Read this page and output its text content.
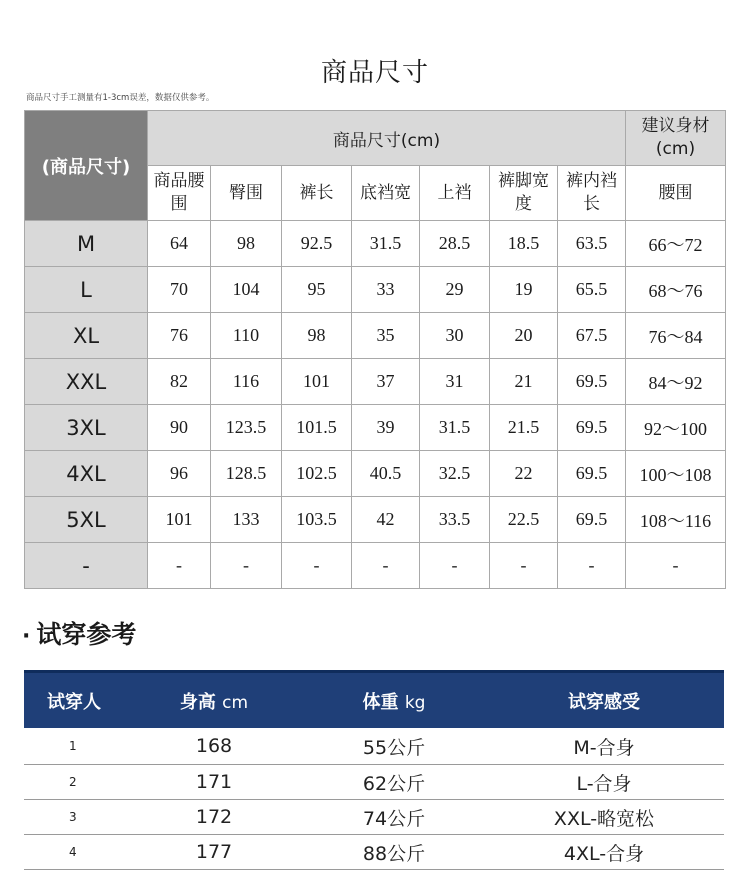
商品尺寸
商品尺寸手工测量有1-3cm误差，数据仅供参考。
(商品尺寸)	商品尺寸(cm)							建议身材(cm)
	商品腰围	臀围	裤长	底裆宽	上裆	裤脚宽度	裤内裆长	腰围
M	64	98	92.5	31.5	28.5	18.5	63.5	66～72
L	70	104	95	33	29	19	65.5	68～76
XL	76	110	98	35	30	20	67.5	76～84
XXL	82	116	101	37	31	21	69.5	84～92
3XL	90	123.5	101.5	39	31.5	21.5	69.5	92～100
4XL	96	128.5	102.5	40.5	32.5	22	69.5	100～108
5XL	101	133	103.5	42	33.5	22.5	69.5	108～116
-	-	-	-	-	-	-	-	-
· 试穿参考
试穿人	身高 cm	体重 kg	试穿感受
1	168	55公斤	M-合身
2	171	62公斤	L-合身
3	172	74公斤	XXL-略宽松
4	177	88公斤	4XL-合身
